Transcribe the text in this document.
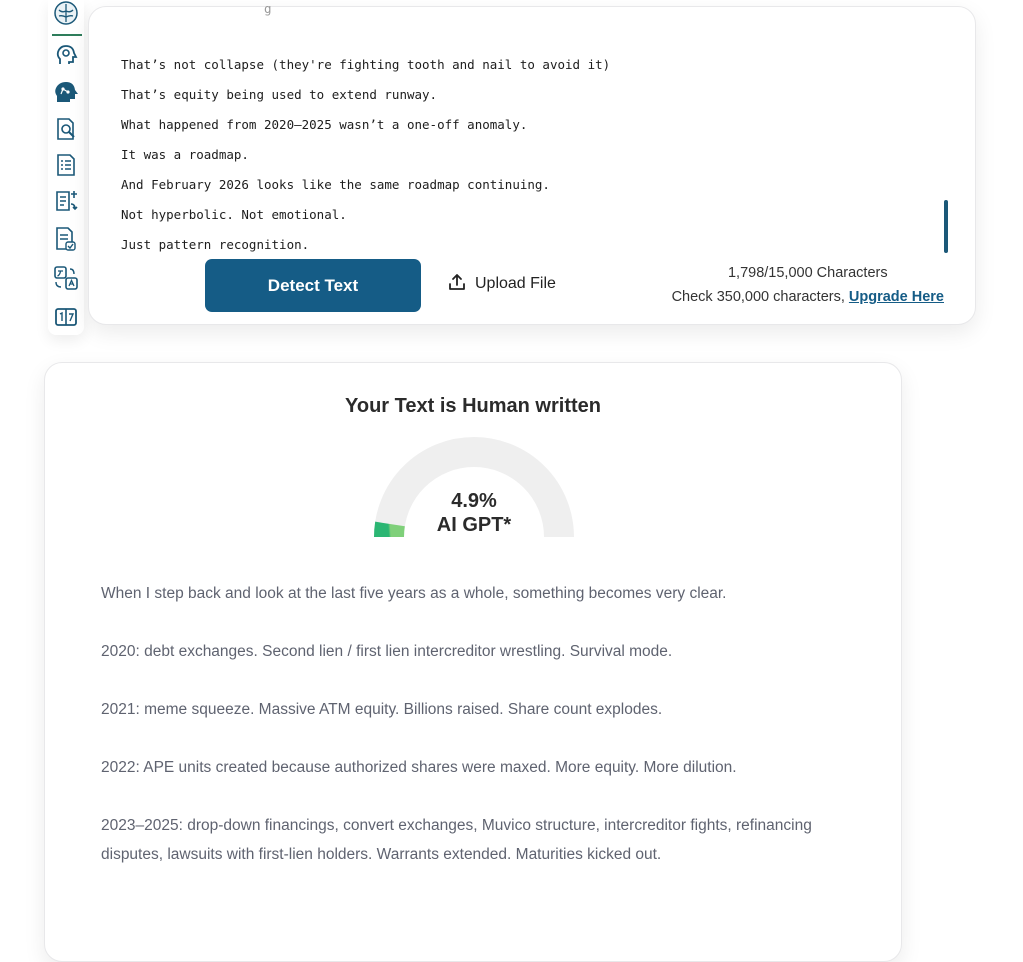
g
That’s not collapse (they're fighting tooth and nail to avoid it)
That’s equity being used to extend runway.
What happened from 2020–2025 wasn’t a one-off anomaly.
It was a roadmap.
And February 2026 looks like the same roadmap continuing.
Not hyperbolic. Not emotional.
Just pattern recognition.
Detect Text	Upload File
1,798/15,000 Characters
Check 350,000 characters, Upgrade Here
Your Text is Human written
4.9%
AI GPT*

When I step back and look at the last five years as a whole, something becomes very clear.

2020: debt exchanges. Second lien / first lien intercreditor wrestling. Survival mode.

2021: meme squeeze. Massive ATM equity. Billions raised. Share count explodes.

2022: APE units created because authorized shares were maxed. More equity. More dilution.

2023–2025: drop-down financings, convert exchanges, Muvico structure, intercreditor fights, refinancing disputes, lawsuits with first-lien holders. Warrants extended. Maturities kicked out.
